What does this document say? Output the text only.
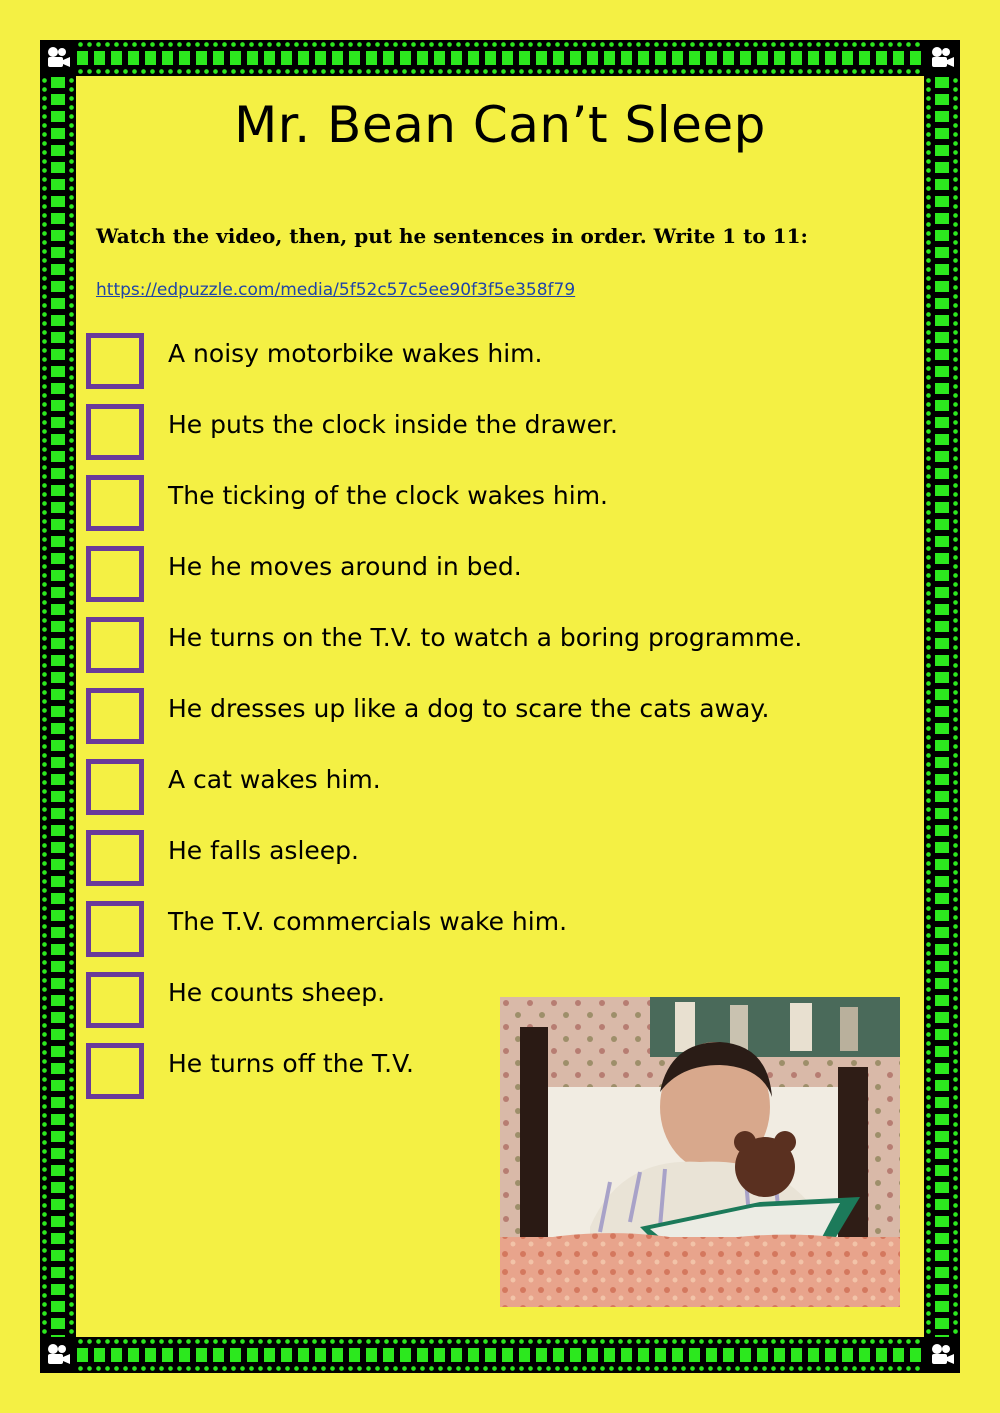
Mr. Bean Can’t Sleep
Watch the video, then, put he sentences in order. Write 1 to 11:
https://edpuzzle.com/media/5f52c57c5ee90f3f5e358f79
A noisy motorbike wakes him.
He puts the clock inside the drawer.
The ticking of the clock wakes him.
He he moves around in bed.
He turns on the T.V. to watch a boring programme.
He dresses up like a dog to scare the cats away.
A cat wakes him.
He falls asleep.
The T.V. commercials wake him.
He counts sheep.
He turns off the T.V.
